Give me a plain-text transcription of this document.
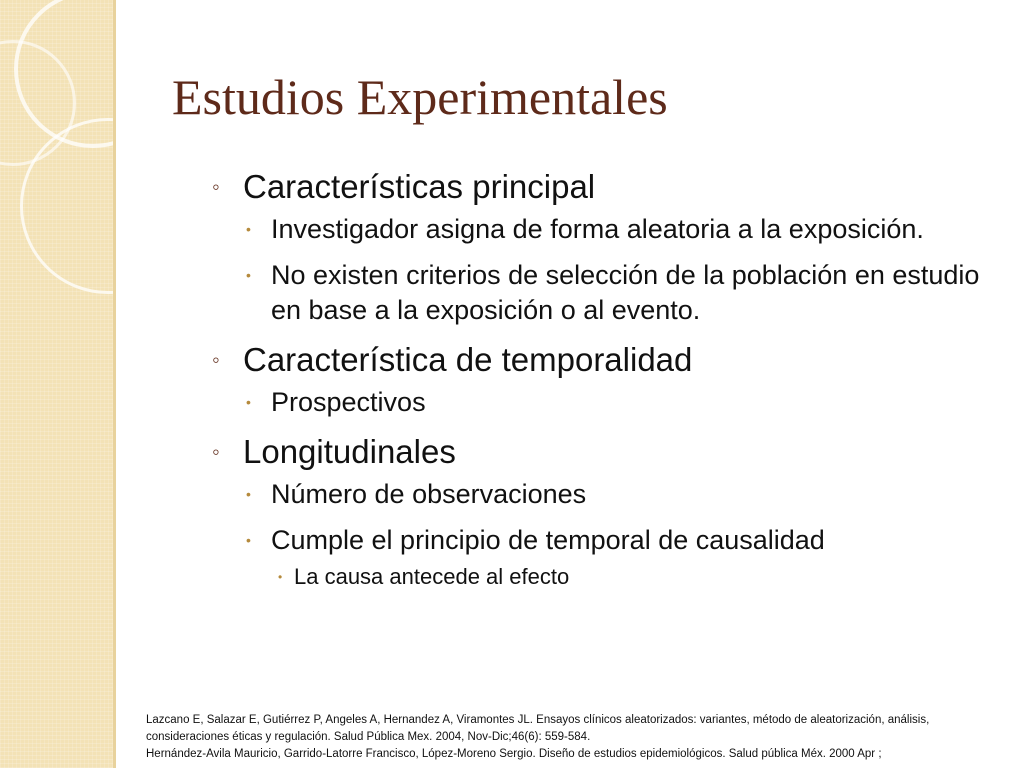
Estudios Experimentales
◦ Características principal
• Investigador asigna de forma aleatoria a la exposición.
• No existen criterios de selección de la población en estudio en base a la exposición o al evento.
◦ Característica de temporalidad
• Prospectivos
◦ Longitudinales
• Número de observaciones
• Cumple el principio de temporal de causalidad
• La causa antecede al efecto

Lazcano E, Salazar E, Gutiérrez P, Angeles A, Hernandez A, Viramontes JL. Ensayos clínicos aleatorizados: variantes, método de aleatorización, análisis, consideraciones éticas y regulación. Salud Pública Mex. 2004, Nov-Dic;46(6): 559-584.

Hernández-Avila Mauricio, Garrido-Latorre Francisco, López-Moreno Sergio. Diseño de estudios epidemiológicos. Salud pública Méx. 2000 Apr ;
